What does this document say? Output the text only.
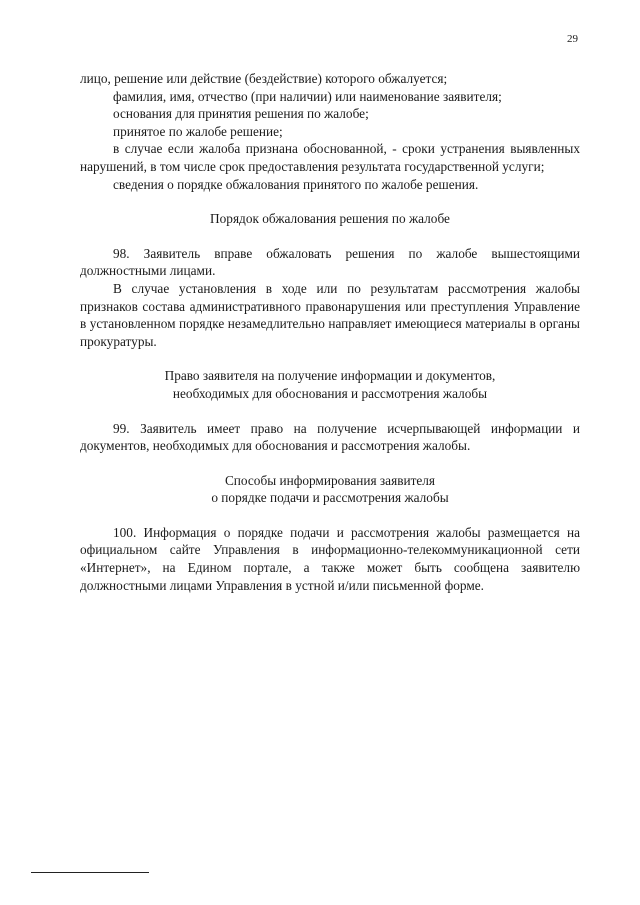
29

лицо, решение или действие (бездействие) которого обжалуется;

фамилия, имя, отчество (при наличии) или наименование заявителя;

основания для принятия решения по жалобе;

принятое по жалобе решение;

в случае если жалоба признана обоснованной, - сроки устранения выявленных нарушений, в том числе срок предоставления результата государственной услуги;

сведения о порядке обжалования принятого по жалобе решения.

Порядок обжалования решения по жалобе

98. Заявитель вправе обжаловать решения по жалобе вышестоящими должностными лицами.

В случае установления в ходе или по результатам рассмотрения жалобы признаков состава административного правонарушения или преступления Управление в установленном порядке незамедлительно направляет имеющиеся материалы в органы прокуратуры.

Право заявителя на получение информации и документов,

необходимых для обоснования и рассмотрения жалобы

99. Заявитель имеет право на получение исчерпывающей информации и документов, необходимых для обоснования и рассмотрения жалобы.

Способы информирования заявителя

о порядке подачи и рассмотрения жалобы

100. Информация о порядке подачи и рассмотрения жалобы размещается на официальном сайте Управления в информационно-телекоммуникационной сети «Интернет», на Едином портале, а также может быть сообщена заявителю должностными лицами Управления в устной и/или письменной форме.
